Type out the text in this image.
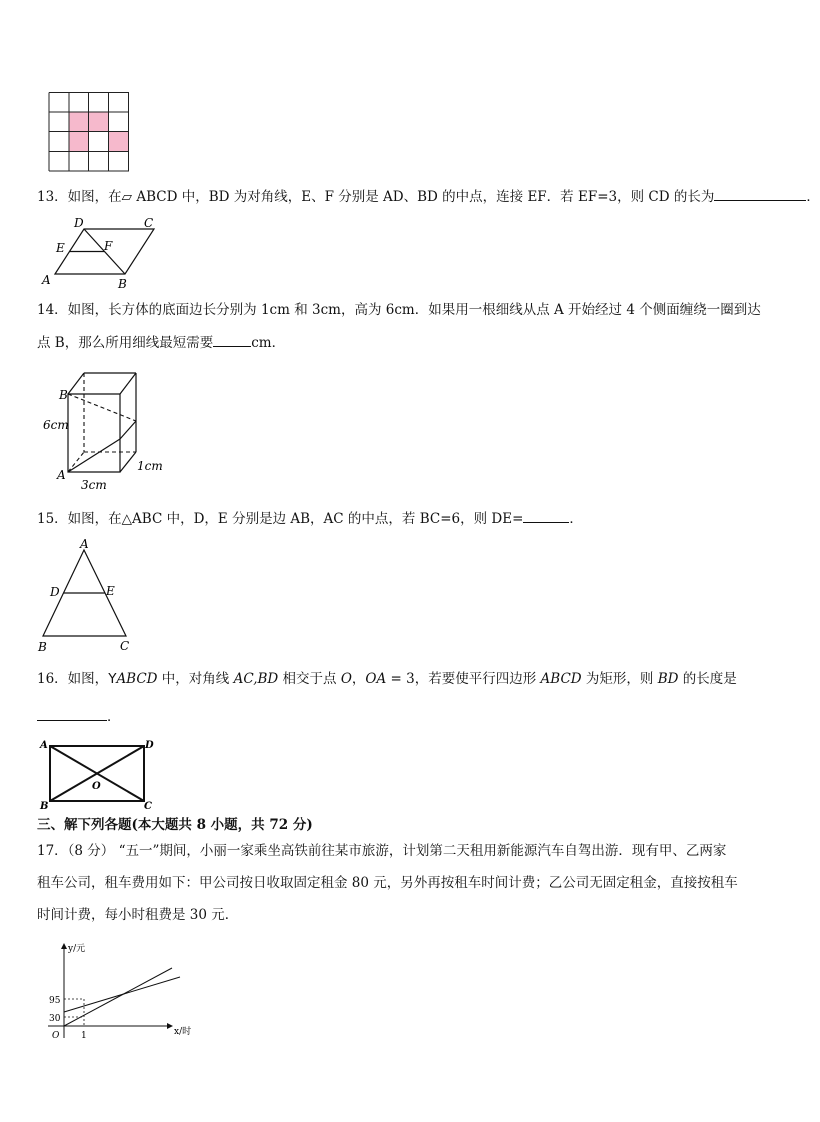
13．如图，在▱ ABCD 中，BD 为对角线，E、F 分别是 AD、BD 的中点，连接 EF．若 EF=3，则 CD 的长为	．
D	C
E	F
A	B
14．如图，长方体的底面边长分别为 1cm 和 3cm，高为 6cm．如果用一根细线从点 A 开始经过 4 个侧面缠绕一圈到达
点 B，那么所用细线最短需要	cm．
B
6cm
1cm
A
3cm
15．如图，在△ABC 中，D，E 分别是边 AB，AC 的中点，若 BC=6，则 DE=	．
A
D	E
B	C
16．如图，YABCD 中，对角线 AC,BD 相交于点 O，OA = 3，若要使平行四边形 ABCD 为矩形，则 BD 的长度是
．
A	D
B	C
O
三、解下列各题(本大题共 8 小题，共 72 分)
17．（8 分） “五一”期间，小丽一家乘坐高铁前往某市旅游，计划第二天租用新能源汽车自驾出游．现有甲、乙两家
租车公司，租车费用如下：甲公司按日收取固定租金 80 元，另外再按租车时间计费；乙公司无固定租金，直接按租车
时间计费，每小时租费是 30 元．
y/元
x/时
95
30
O 1
